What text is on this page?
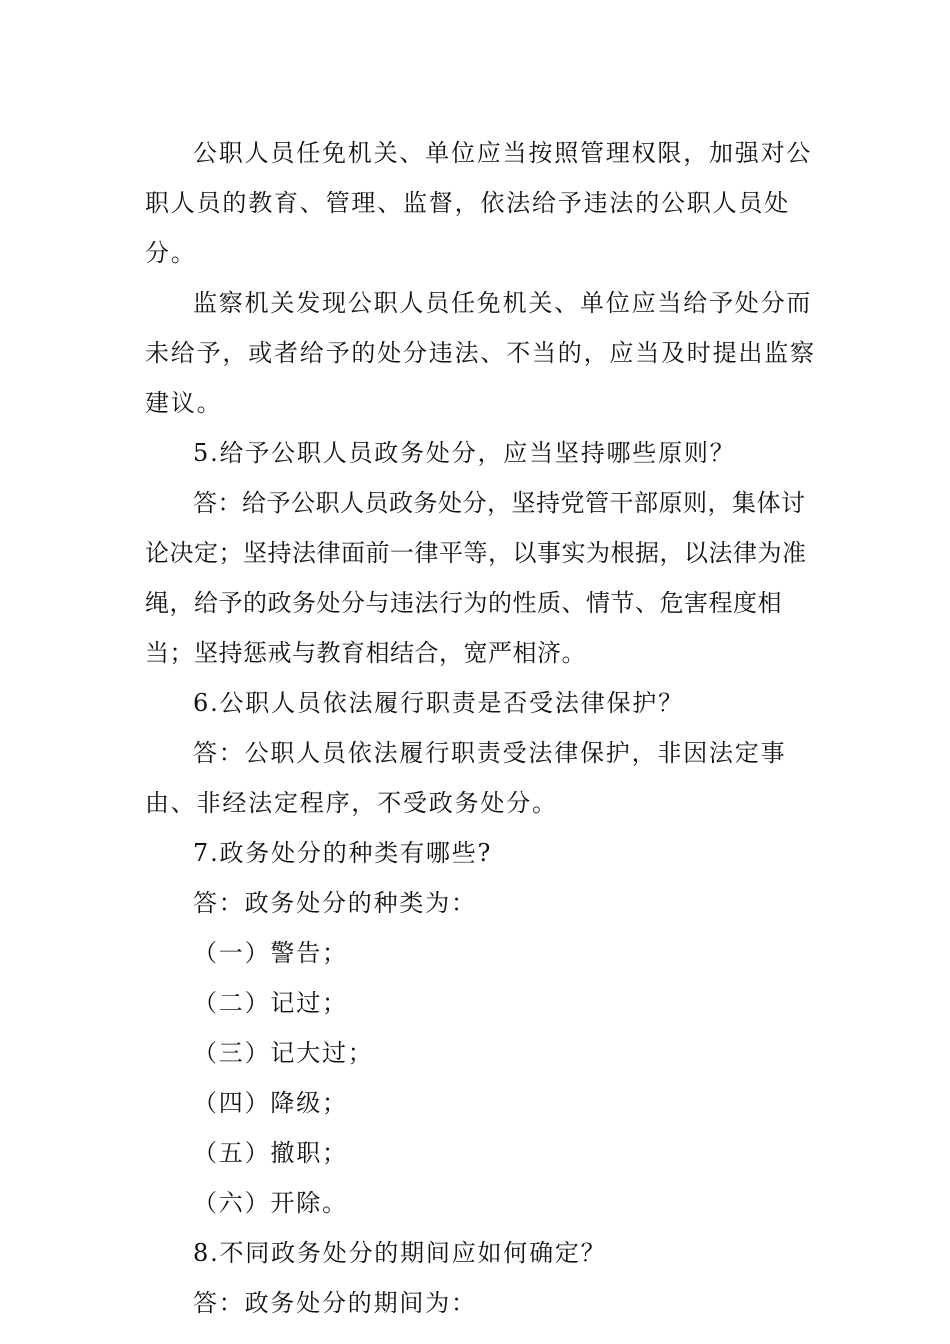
公职人员任免机关、单位应当按照管理权限，加强对公职人员的教育、管理、监督，依法给予违法的公职人员处分。

监察机关发现公职人员任免机关、单位应当给予处分而未给予，或者给予的处分违法、不当的，应当及时提出监察建议。

5.给予公职人员政务处分，应当坚持哪些原则？

答：给予公职人员政务处分，坚持党管干部原则，集体讨论决定；坚持法律面前一律平等，以事实为根据，以法律为准绳，给予的政务处分与违法行为的性质、情节、危害程度相当；坚持惩戒与教育相结合，宽严相济。

6.公职人员依法履行职责是否受法律保护？

答：公职人员依法履行职责受法律保护，非因法定事由、非经法定程序，不受政务处分。

7.政务处分的种类有哪些?

答：政务处分的种类为：

（一）警告；

（二）记过；

（三）记大过；

（四）降级；

（五）撤职；

（六）开除。

8.不同政务处分的期间应如何确定？

答：政务处分的期间为：
